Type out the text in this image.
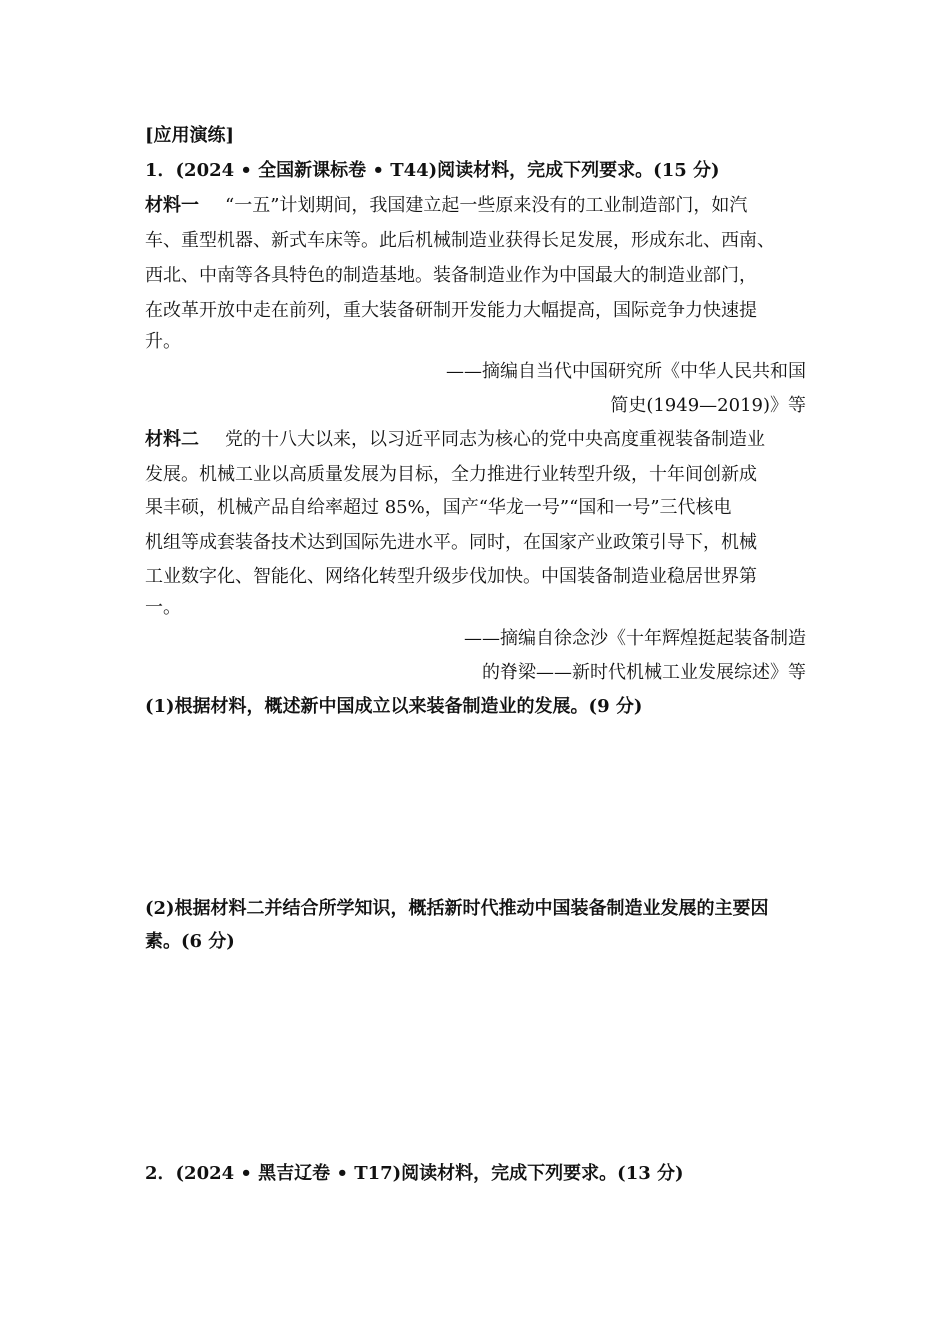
[应用演练]
1．(2024 • 全国新课标卷 • T44)阅读材料，完成下列要求。(15 分)
材料一 “一五”计划期间，我国建立起一些原来没有的工业制造部门，如汽
车、重型机器、新式车床等。此后机械制造业获得长足发展，形成东北、西南、
西北、中南等各具特色的制造基地。装备制造业作为中国最大的制造业部门，
在改革开放中走在前列，重大装备研制开发能力大幅提高，国际竞争力快速提
升。
——摘编自当代中国研究所《中华人民共和国
简史(1949—2019)》等
材料二 党的十八大以来，以习近平同志为核心的党中央高度重视装备制造业
发展。机械工业以高质量发展为目标，全力推进行业转型升级，十年间创新成
果丰硕，机械产品自给率超过 85%，国产“华龙一号”“国和一号”三代核电
机组等成套装备技术达到国际先进水平。同时，在国家产业政策引导下，机械
工业数字化、智能化、网络化转型升级步伐加快。中国装备制造业稳居世界第
一。
——摘编自徐念沙《十年辉煌挺起装备制造
的脊梁——新时代机械工业发展综述》等
(1)根据材料，概述新中国成立以来装备制造业的发展。(9 分)
(2)根据材料二并结合所学知识，概括新时代推动中国装备制造业发展的主要因
素。(6 分)
2．(2024 • 黑吉辽卷 • T17)阅读材料，完成下列要求。(13 分)
